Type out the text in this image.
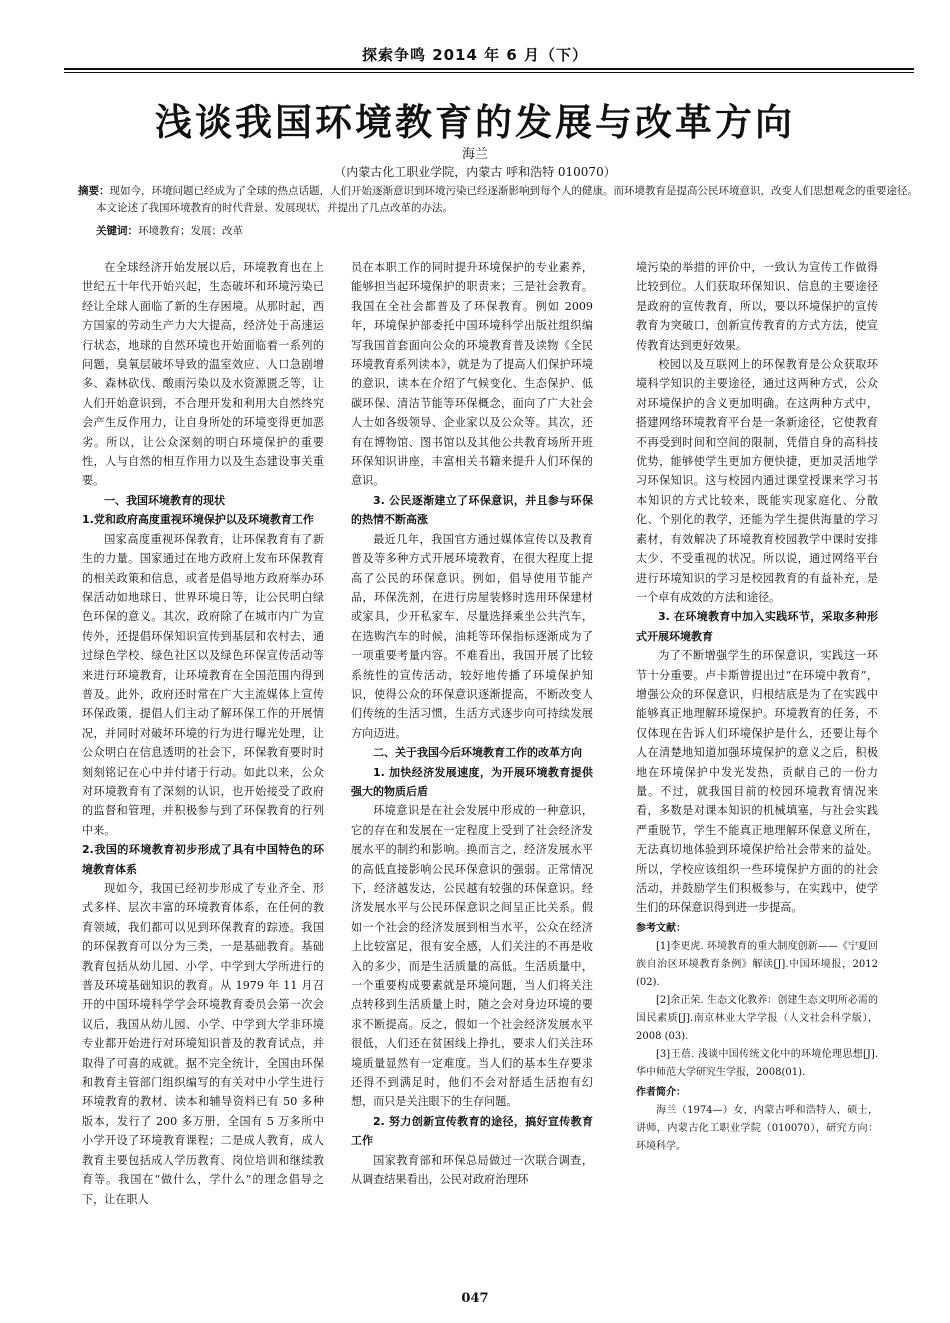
探索争鸣 2014 年 6 月（下）
浅谈我国环境教育的发展与改革方向
海兰
（内蒙古化工职业学院，内蒙古 呼和浩特 010070）
摘要：现如今，环境问题已经成为了全球的热点话题，人们开始逐渐意识到环境污染已经逐渐影响到每个人的健康。而环境教育是提高公民环境意识，改变人们思想观念的重要途径。本文论述了我国环境教育的时代背景、发展现状，并提出了几点改革的办法。
关键词：环境教育；发展；改革

在全球经济开始发展以后，环境教育也在上世纪五十年代开始兴起，生态破坏和环境污染已经让全球人面临了新的生存困境。从那时起，西方国家的劳动生产力大大提高，经济处于高速运行状态，地球的自然环境也开始面临着一系列的问题，臭氧层破坏导致的温室效应、人口急剧增多、森林砍伐、酸雨污染以及水资源匮乏等，让人们开始意识到，不合理开发和利用大自然终究会产生反作用力，让自身所处的环境变得更加恶劣。所以，让公众深刻的明白环境保护的重要性，人与自然的相互作用力以及生态建设事关重要。

一、我国环境教育的现状

1.党和政府高度重视环境保护以及环境教育工作

国家高度重视环保教育，让环保教育有了新生的力量。国家通过在地方政府上发布环保教育的相关政策和信息，或者是倡导地方政府举办环保活动如地球日、世界环境日等，让公民明白绿色环保的意义。其次，政府除了在城市内广为宣传外，还提倡环保知识宣传到基层和农村去，通过绿色学校、绿色社区以及绿色环保宣传活动等来进行环境教育，让环境教育在全国范围内得到普及。此外，政府还时常在广大主流媒体上宣传环保政策，提倡人们主动了解环保工作的开展情况，并同时对破坏环境的行为进行曝光处理，让公众明白在信息透明的社会下，环保教育要时时刻刻铭记在心中并付诸于行动。如此以来，公众对环境教育有了深刻的认识，也开始接受了政府的监督和管理，并积极参与到了环保教育的行列中来。

2.我国的环境教育初步形成了具有中国特色的环境教育体系

现如今，我国已经初步形成了专业齐全、形式多样、层次丰富的环境教育体系，在任何的教育领域，我们都可以见到环保教育的踪迹。我国的环保教育可以分为三类，一是基础教育。基础教育包括从幼儿园、小学、中学到大学所进行的普及环境基础知识的教育。从 1979 年 11 月召开的中国环境科学学会环境教育委员会第一次会议后，我国从幼儿园、小学、中学到大学非环境专业都开始进行对环境知识普及的教育试点，并取得了可喜的成就。据不完全统计，全国由环保和教育主管部门组织编写的有关对中小学生进行环境教育的教材、读本和辅导资料已有 50 多种版本，发行了 200 多万册，全国有 5 万多所中小学开设了环境教育课程；二是成人教育，成人教育主要包括成人学历教育、岗位培训和继续教育等。我国在“做什么，学什么”的理念倡导之下，让在职人

员在本职工作的同时提升环境保护的专业素养，能够担当起环境保护的职责来；三是社会教育。我国在全社会都普及了环保教育。例如 2009 年，环境保护部委托中国环境科学出版社组织编写我国首套面向公众的环境教育普及读物《全民环境教育系列读本》，就是为了提高人们保护环境的意识，读本在介绍了气候变化、生态保护、低碳环保、清洁节能等环保概念，面向了广大社会人士如各级领导、企业家以及公众等。其次，还有在博物馆、图书馆以及其他公共教育场所开班环保知识讲座，丰富相关书籍来提升人们环保的意识。

3. 公民逐渐建立了环保意识，并且参与环保的热情不断高涨

最近几年，我国官方通过媒体宣传以及教育普及等多种方式开展环境教育，在很大程度上提高了公民的环保意识。例如，倡导使用节能产品，环保洗剂，在进行房屋装修时选用环保建材或家具，少开私家车、尽量选择乘坐公共汽车，在选购汽车的时候，油耗等环保指标逐渐成为了一项重要考量内容。不难看出，我国开展了比较系统性的宣传活动，较好地传播了环境保护知识，使得公众的环保意识逐渐提高，不断改变人们传统的生活习惯，生活方式逐步向可持续发展方向迈进。

二、关于我国今后环境教育工作的改革方向

1. 加快经济发展速度，为开展环境教育提供强大的物质后盾

环境意识是在社会发展中形成的一种意识，它的存在和发展在一定程度上受到了社会经济发展水平的制约和影响。换而言之，经济发展水平的高低直接影响公民环保意识的强弱。正常情况下，经济越发达，公民越有较强的环保意识。经济发展水平与公民环保意识之间呈正比关系。假如一个社会的经济发展到相当水平，公众在经济上比较富足，很有安全感，人们关注的不再是收入的多少，而是生活质量的高低。生活质量中，一个重要构成要素就是环境问题，当人们将关注点转移到生活质量上时，随之会对身边环境的要求不断提高。反之，假如一个社会经济发展水平很低，人们还在贫困线上挣扎，要求人们关注环境质量显然有一定难度。当人们的基本生存要求还得不到满足时，他们不会对舒适生活抱有幻想，而只是关注眼下的生存问题。

2. 努力创新宣传教育的途径，搞好宣传教育工作

国家教育部和环保总局做过一次联合调查，从调查结果看出，公民对政府治理环

境污染的举措的评价中，一致认为宣传工作做得比较到位。人们获取环保知识、信息的主要途径是政府的宣传教育，所以，要以环境保护的宣传教育为突破口，创新宣传教育的方式方法，使宣传教育达到更好效果。

校园以及互联网上的环保教育是公众获取环境科学知识的主要途径，通过这两种方式，公众对环境保护的含义更加明确。在这两种方式中，搭建网络环境教育平台是一条新途径，它使教育不再受到时间和空间的限制，凭借自身的高科技优势，能够使学生更加方便快捷，更加灵活地学习环保知识。这与校园内通过课堂授课来学习书本知识的方式比较来，既能实现家庭化、分散化、个别化的教学，还能为学生提供海量的学习素材，有效解决了环境教育校园教学中课时安排太少、不受重视的状况。所以说，通过网络平台进行环境知识的学习是校园教育的有益补充，是一个卓有成效的方法和途径。

3. 在环境教育中加入实践环节，采取多种形式开展环境教育

为了不断增强学生的环保意识，实践这一环节十分重要。卢卡斯曾提出过“在环境中教育”，增强公众的环保意识，归根结底是为了在实践中能够真正地理解环境保护。环境教育的任务，不仅体现在告诉人们环境保护是什么，还要让每个人在清楚地知道加强环境保护的意义之后，积极地在环境保护中发光发热，贡献自己的一份力量。不过，就我国目前的校园环境教育情况来看，多数是对课本知识的机械填塞，与社会实践严重脱节，学生不能真正地理解环保意义所在，无法真切地体验到环境保护给社会带来的益处。所以，学校应该组织一些环境保护方面的的社会活动，并鼓励学生们积极参与，在实践中，使学生们的环保意识得到进一步提高。

参考文献：

[1]李更虎. 环境教育的重大制度创新——《宁夏回族自治区环境教育条例》解读[J].中国环境报，2012 (02).

[2]余正荣. 生态文化教养：创建生态文明所必需的国民素质[J].南京林业大学学报（人文社会科学版），2008 (03).

[3]王蓓. 浅谈中国传统文化中的环境伦理思想[J].华中师范大学研究生学报，2008(01).

作者简介：

海兰（1974—）女，内蒙古呼和浩特人，硕士，讲师，内蒙古化工职业学院（010070），研究方向：环境科学。

047
